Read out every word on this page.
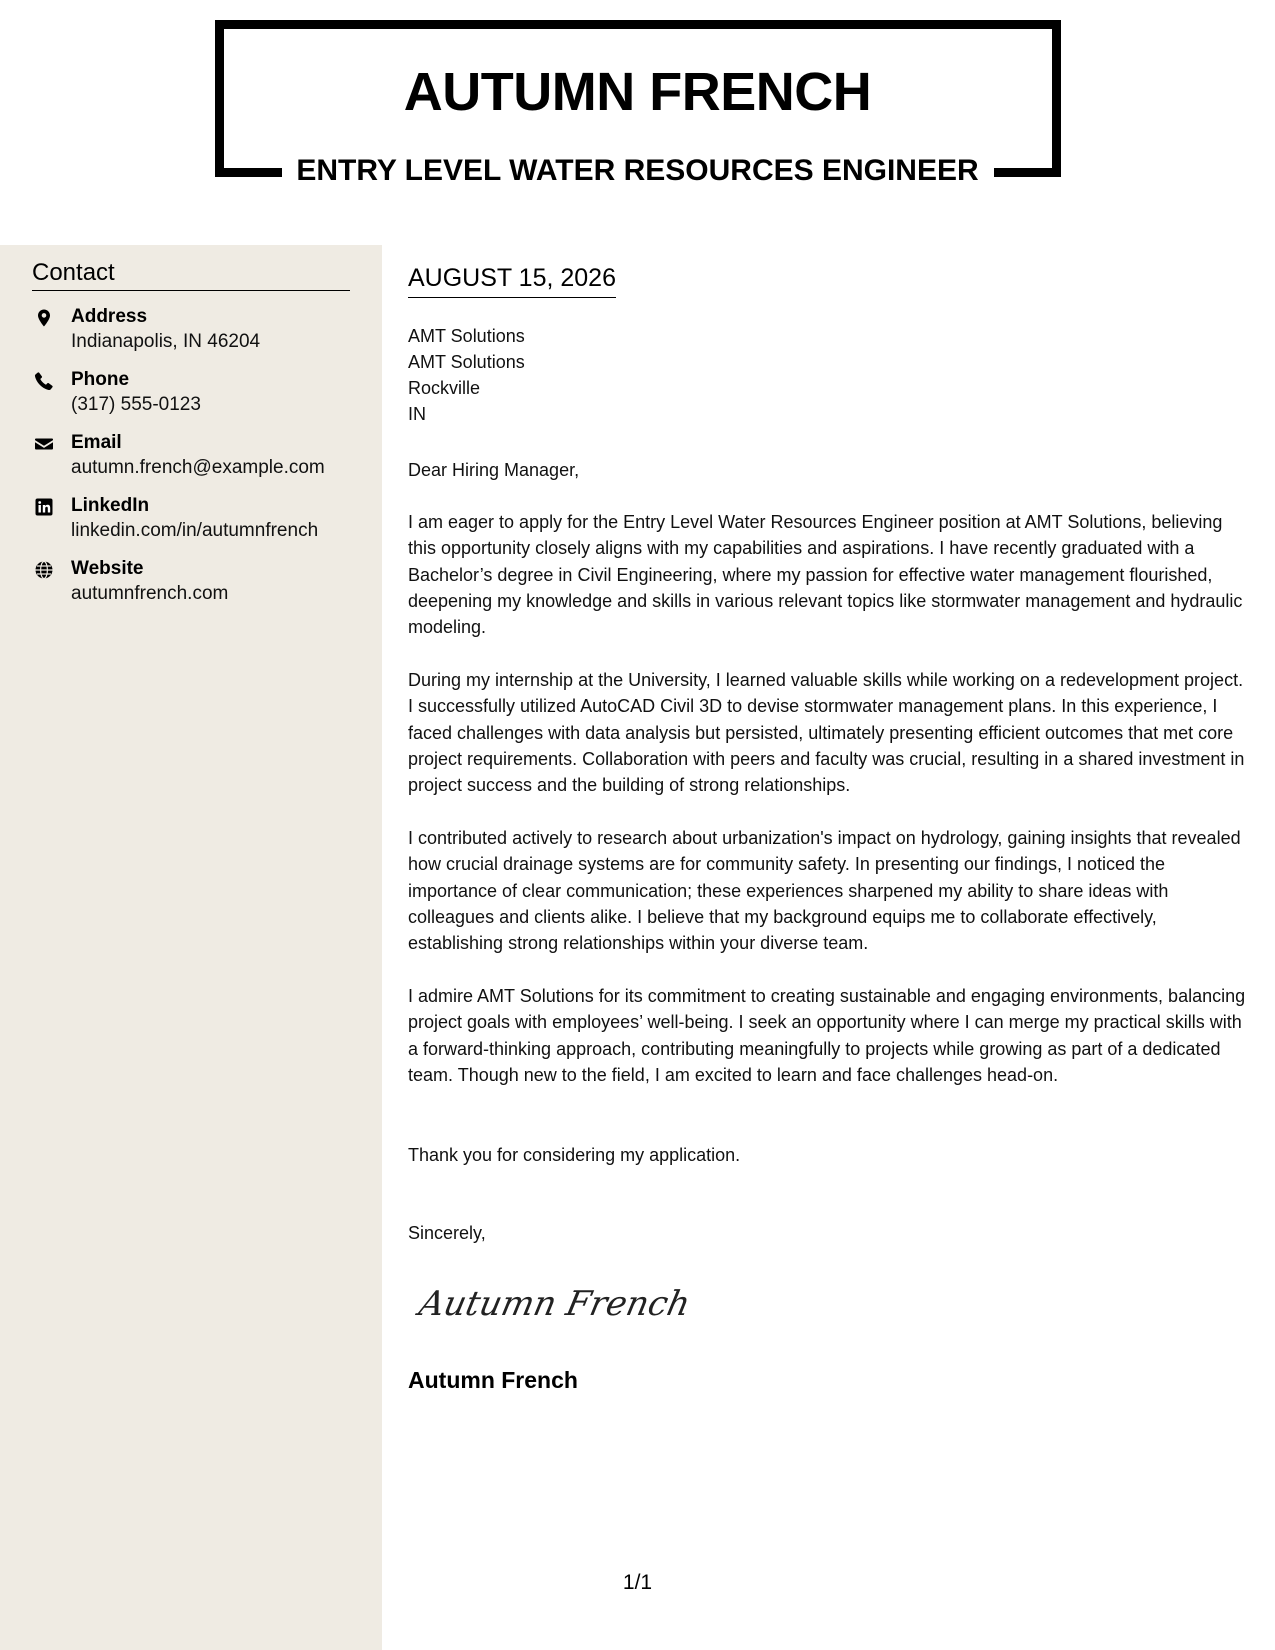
AUTUMN FRENCH
ENTRY LEVEL WATER RESOURCES ENGINEER
Contact
Address
Indianapolis, IN 46204
Phone
(317) 555-0123
Email
autumn.french@example.com
LinkedIn
linkedin.com/in/autumnfrench
Website
autumnfrench.com
AUGUST 15, 2026
AMT Solutions
AMT Solutions
Rockville
IN
Dear Hiring Manager,

I am eager to apply for the Entry Level Water Resources Engineer position at AMT Solutions, believing this opportunity closely aligns with my capabilities and aspirations. I have recently graduated with a Bachelor’s degree in Civil Engineering, where my passion for effective water management flourished, deepening my knowledge and skills in various relevant topics like stormwater management and hydraulic modeling.

During my internship at the University, I learned valuable skills while working on a redevelopment project. I successfully utilized AutoCAD Civil 3D to devise stormwater management plans. In this experience, I faced challenges with data analysis but persisted, ultimately presenting efficient outcomes that met core project requirements. Collaboration with peers and faculty was crucial, resulting in a shared investment in project success and the building of strong relationships.

I contributed actively to research about urbanization's impact on hydrology, gaining insights that revealed how crucial drainage systems are for community safety. In presenting our findings, I noticed the importance of clear communication; these experiences sharpened my ability to share ideas with colleagues and clients alike. I believe that my background equips me to collaborate effectively, establishing strong relationships within your diverse team.

I admire AMT Solutions for its commitment to creating sustainable and engaging environments, balancing project goals with employees’ well-being. I seek an opportunity where I can merge my practical skills with a forward-thinking approach, contributing meaningfully to projects while growing as part of a dedicated team. Though new to the field, I am excited to learn and face challenges head-on.

Thank you for considering my application.
Sincerely,
Autumn French
Autumn French
1/1
